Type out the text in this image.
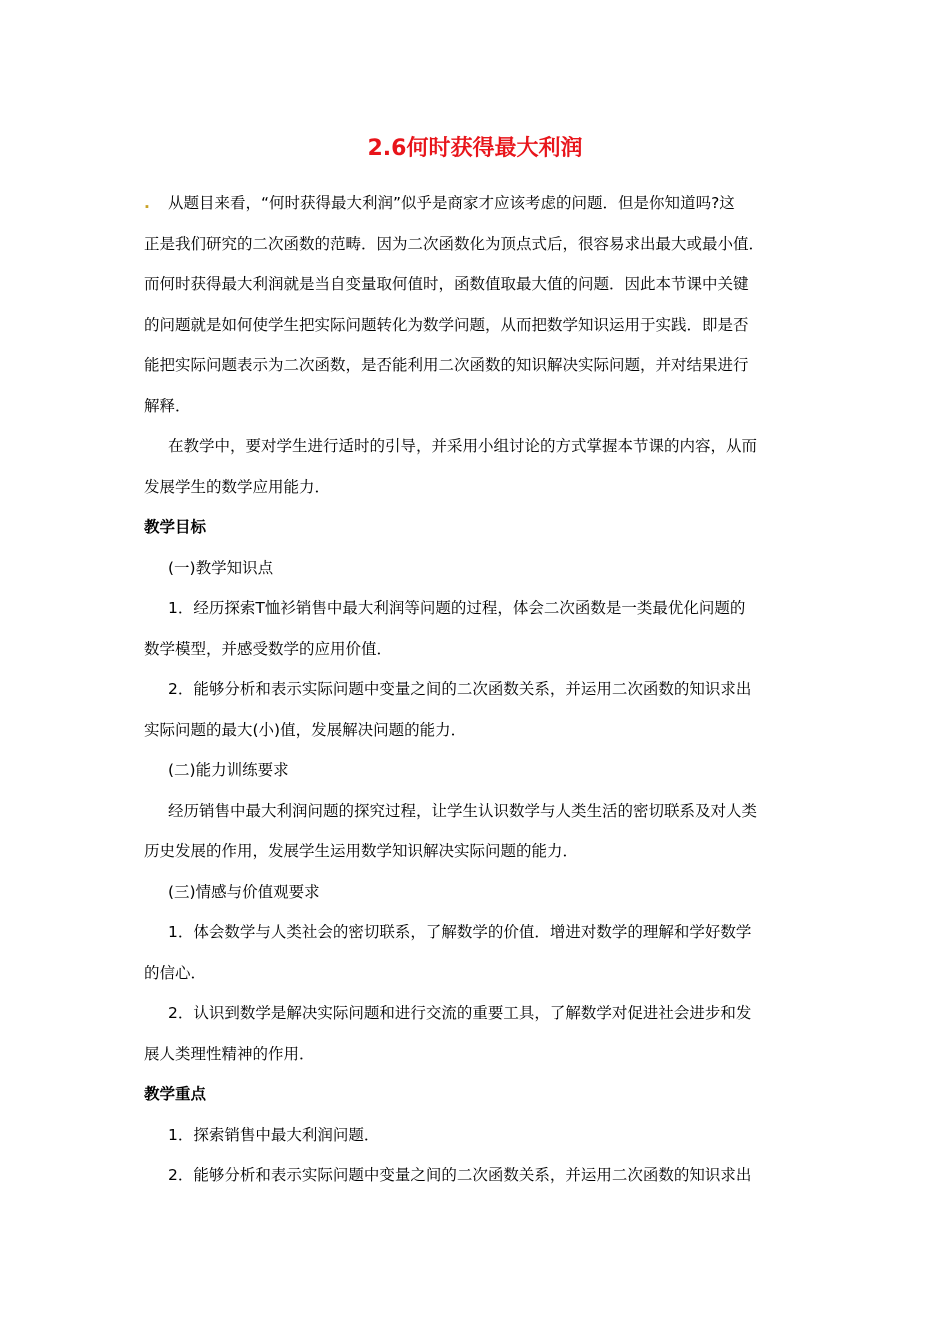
2.6何时获得最大利润
. 从题目来看，“何时获得最大利润”似乎是商家才应该考虑的问题．但是你知道吗?这
正是我们研究的二次函数的范畴．因为二次函数化为顶点式后，很容易求出最大或最小值．
而何时获得最大利润就是当自变量取何值时，函数值取最大值的问题．因此本节课中关键
的问题就是如何使学生把实际问题转化为数学问题，从而把数学知识运用于实践．即是否
能把实际问题表示为二次函数，是否能利用二次函数的知识解决实际问题，并对结果进行
解释．
在教学中，要对学生进行适时的引导，并采用小组讨论的方式掌握本节课的内容，从而
发展学生的数学应用能力．
教学目标
(一)教学知识点
1．经历探索T恤衫销售中最大利润等问题的过程，体会二次函数是一类最优化问题的
数学模型，并感受数学的应用价值．
2．能够分析和表示实际问题中变量之间的二次函数关系，并运用二次函数的知识求出
实际问题的最大(小)值，发展解决问题的能力．
(二)能力训练要求
经历销售中最大利润问题的探究过程，让学生认识数学与人类生活的密切联系及对人类
历史发展的作用，发展学生运用数学知识解决实际问题的能力．
(三)情感与价值观要求
1．体会数学与人类社会的密切联系，了解数学的价值．增进对数学的理解和学好数学
的信心．
2．认识到数学是解决实际问题和进行交流的重要工具，了解数学对促进社会进步和发
展人类理性精神的作用．
教学重点
1．探索销售中最大利润问题．
2．能够分析和表示实际问题中变量之间的二次函数关系，并运用二次函数的知识求出
